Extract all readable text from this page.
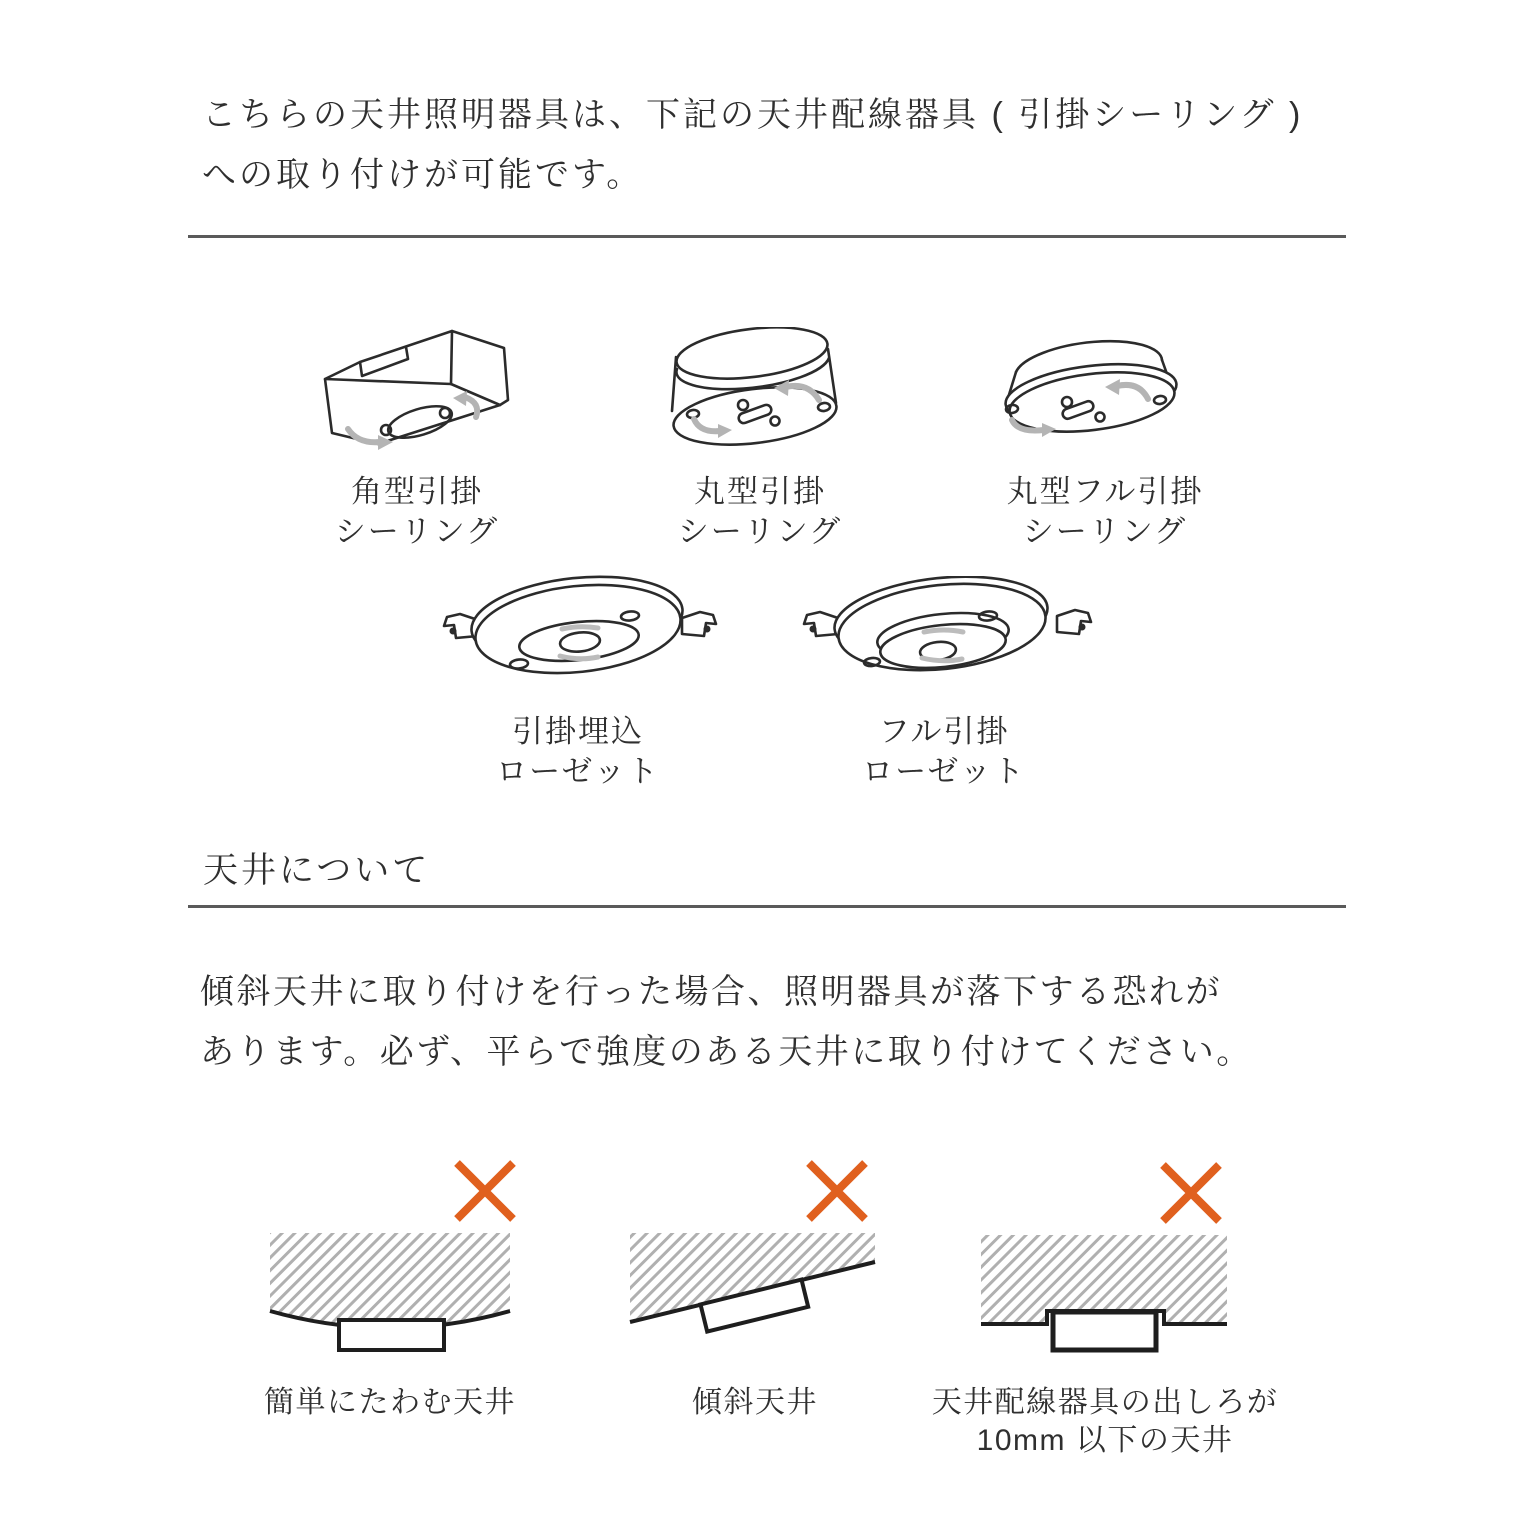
こちらの天井照明器具は、下記の天井配線器具 ( 引掛シーリング )
への取り付けが可能です。
角型引掛
シーリング
丸型引掛
シーリング
丸型フル引掛
シーリング
引掛埋込
ローゼット
フル引掛
ローゼット
天井について
傾斜天井に取り付けを行った場合、照明器具が落下する恐れが
あります。必ず、平らで強度のある天井に取り付けてください。
簡単にたわむ天井	傾斜天井	天井配線器具の出しろが
10mm 以下の天井
